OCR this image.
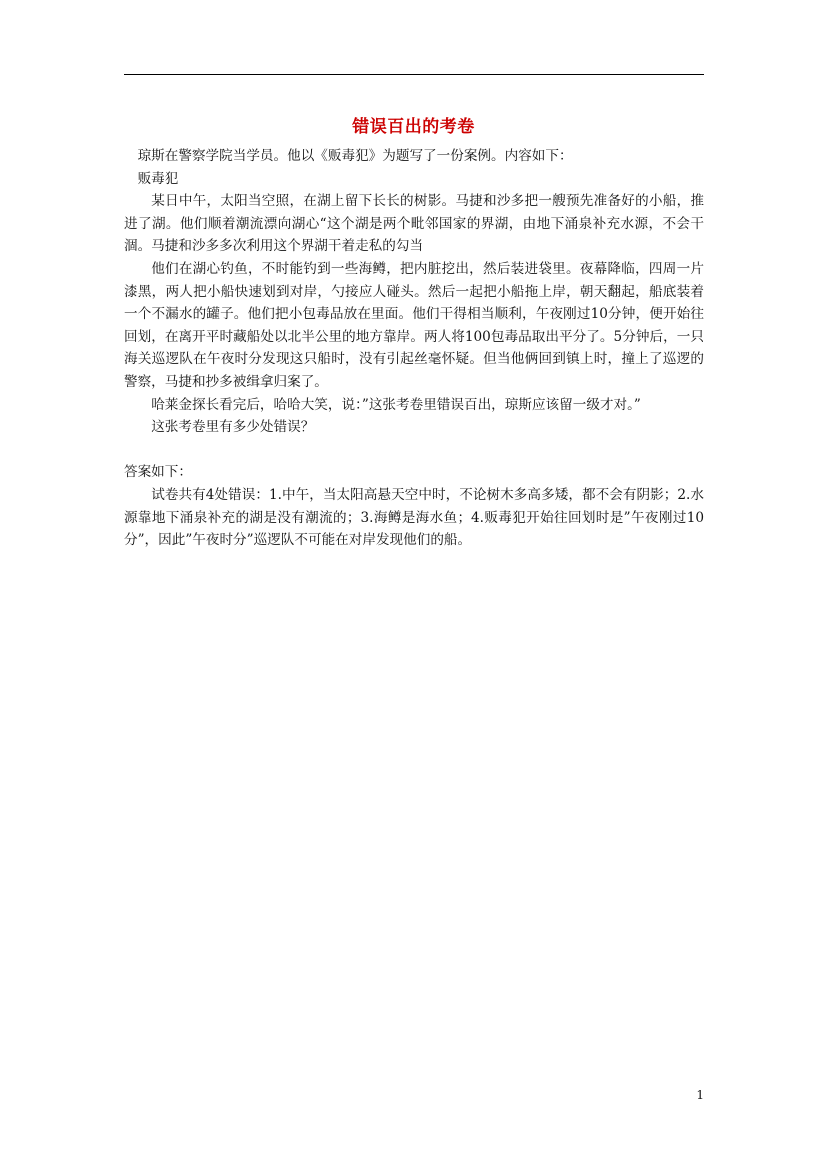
错误百出的考卷

琼斯在警察学院当学员。他以《贩毒犯》为题写了一份案例。内容如下：

贩毒犯

某日中午，太阳当空照，在湖上留下长长的树影。马捷和沙多把一艘预先准备好的小船，推进了湖。他们顺着潮流漂向湖心“这个湖是两个毗邻国家的界湖，由地下涌泉补充水源，不会干涸。马捷和沙多多次利用这个界湖干着走私的勾当

他们在湖心钓鱼，不时能钓到一些海鳟，把内脏挖出，然后装进袋里。夜幕降临，四周一片漆黑，两人把小船快速划到对岸，勺接应人碰头。然后一起把小船拖上岸，朝天翻起，船底装着一个不漏水的罐子。他们把小包毒品放在里面。他们干得相当顺利，午夜刚过10分钟，便开始往回划，在离开平时藏船处以北半公里的地方靠岸。两人将100包毒品取出平分了。5分钟后，一只海关巡逻队在午夜时分发现这只船时，没有引起丝毫怀疑。但当他俩回到镇上时，撞上了巡逻的警察，马捷和抄多被缉拿归案了。

哈莱金探长看完后，哈哈大笑，说：”这张考卷里错误百出，琼斯应该留一级才对。”

这张考卷里有多少处错误？

答案如下：

试卷共有4处错误：1.中午，当太阳高悬天空中时，不论树木多高多矮，都不会有阴影；2.水源靠地下涌泉补充的湖是没有潮流的；3.海鳟是海水鱼；4.贩毒犯开始往回划时是”午夜刚过10分”，因此”午夜时分”巡逻队不可能在对岸发现他们的船。

1
